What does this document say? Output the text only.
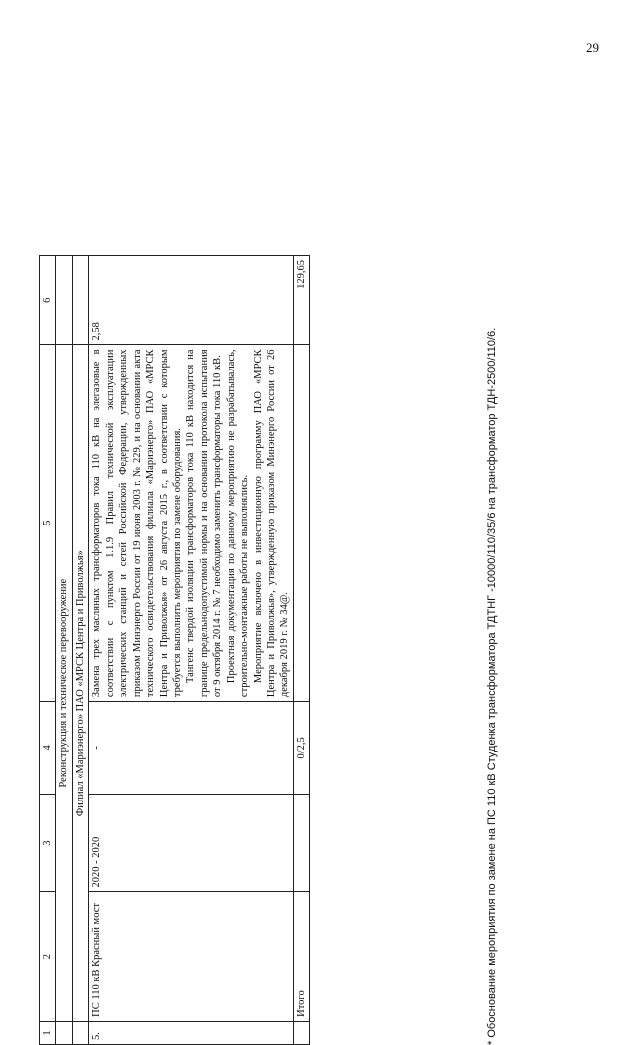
29
1	2	3	4	5	6
	Реконструкция и техническое перевооружение				
	Филиал «Мариэнерго» ПАО «МРСК Центра и Приволжья»				
5.	ПС 110 кВ Красный мост	2020 - 2020	-	Замена трех масляных трансформаторов тока 110 кВ на элегазовые в соответствии с пунктом 1.1.9 Правил технической эксплуатации электрических станций и сетей Российской Федерации, утвержденных приказом Минэнерго России от 19 июня 2003 г. № 229, и на основании акта технического освидетельствования филиала «Мариэнерго» ПАО «МРСК Центра и Приволжья» от 26 августа 2015 г., в соответствии с которым требуется выполнить мероприятия по замене оборудования. Тангенс твердой изоляции трансформаторов тока 110 кВ находится на границе предельнодопустимой нормы и на основании протокола испытания от 9 октября 2014 г. № 7 необходимо заменить трансформаторы тока 110 кВ. Проектная документация по данному мероприятию не разрабатывалась, строительно-монтажные работы не выполнялись. Мероприятие включено в инвестиционную программу ПАО «МРСК Центра и Приволжья», утвержденную приказом Минэнерго России от 26 декабря 2019 г. № 34@.	2,58
	Итого		0/2,5		129,65
* Обоснование мероприятия по замене на ПС 110 кВ Студенка трансформатора ТДТНГ -10000/110/35/6 на трансформатор ТДН-2500/110/6.
